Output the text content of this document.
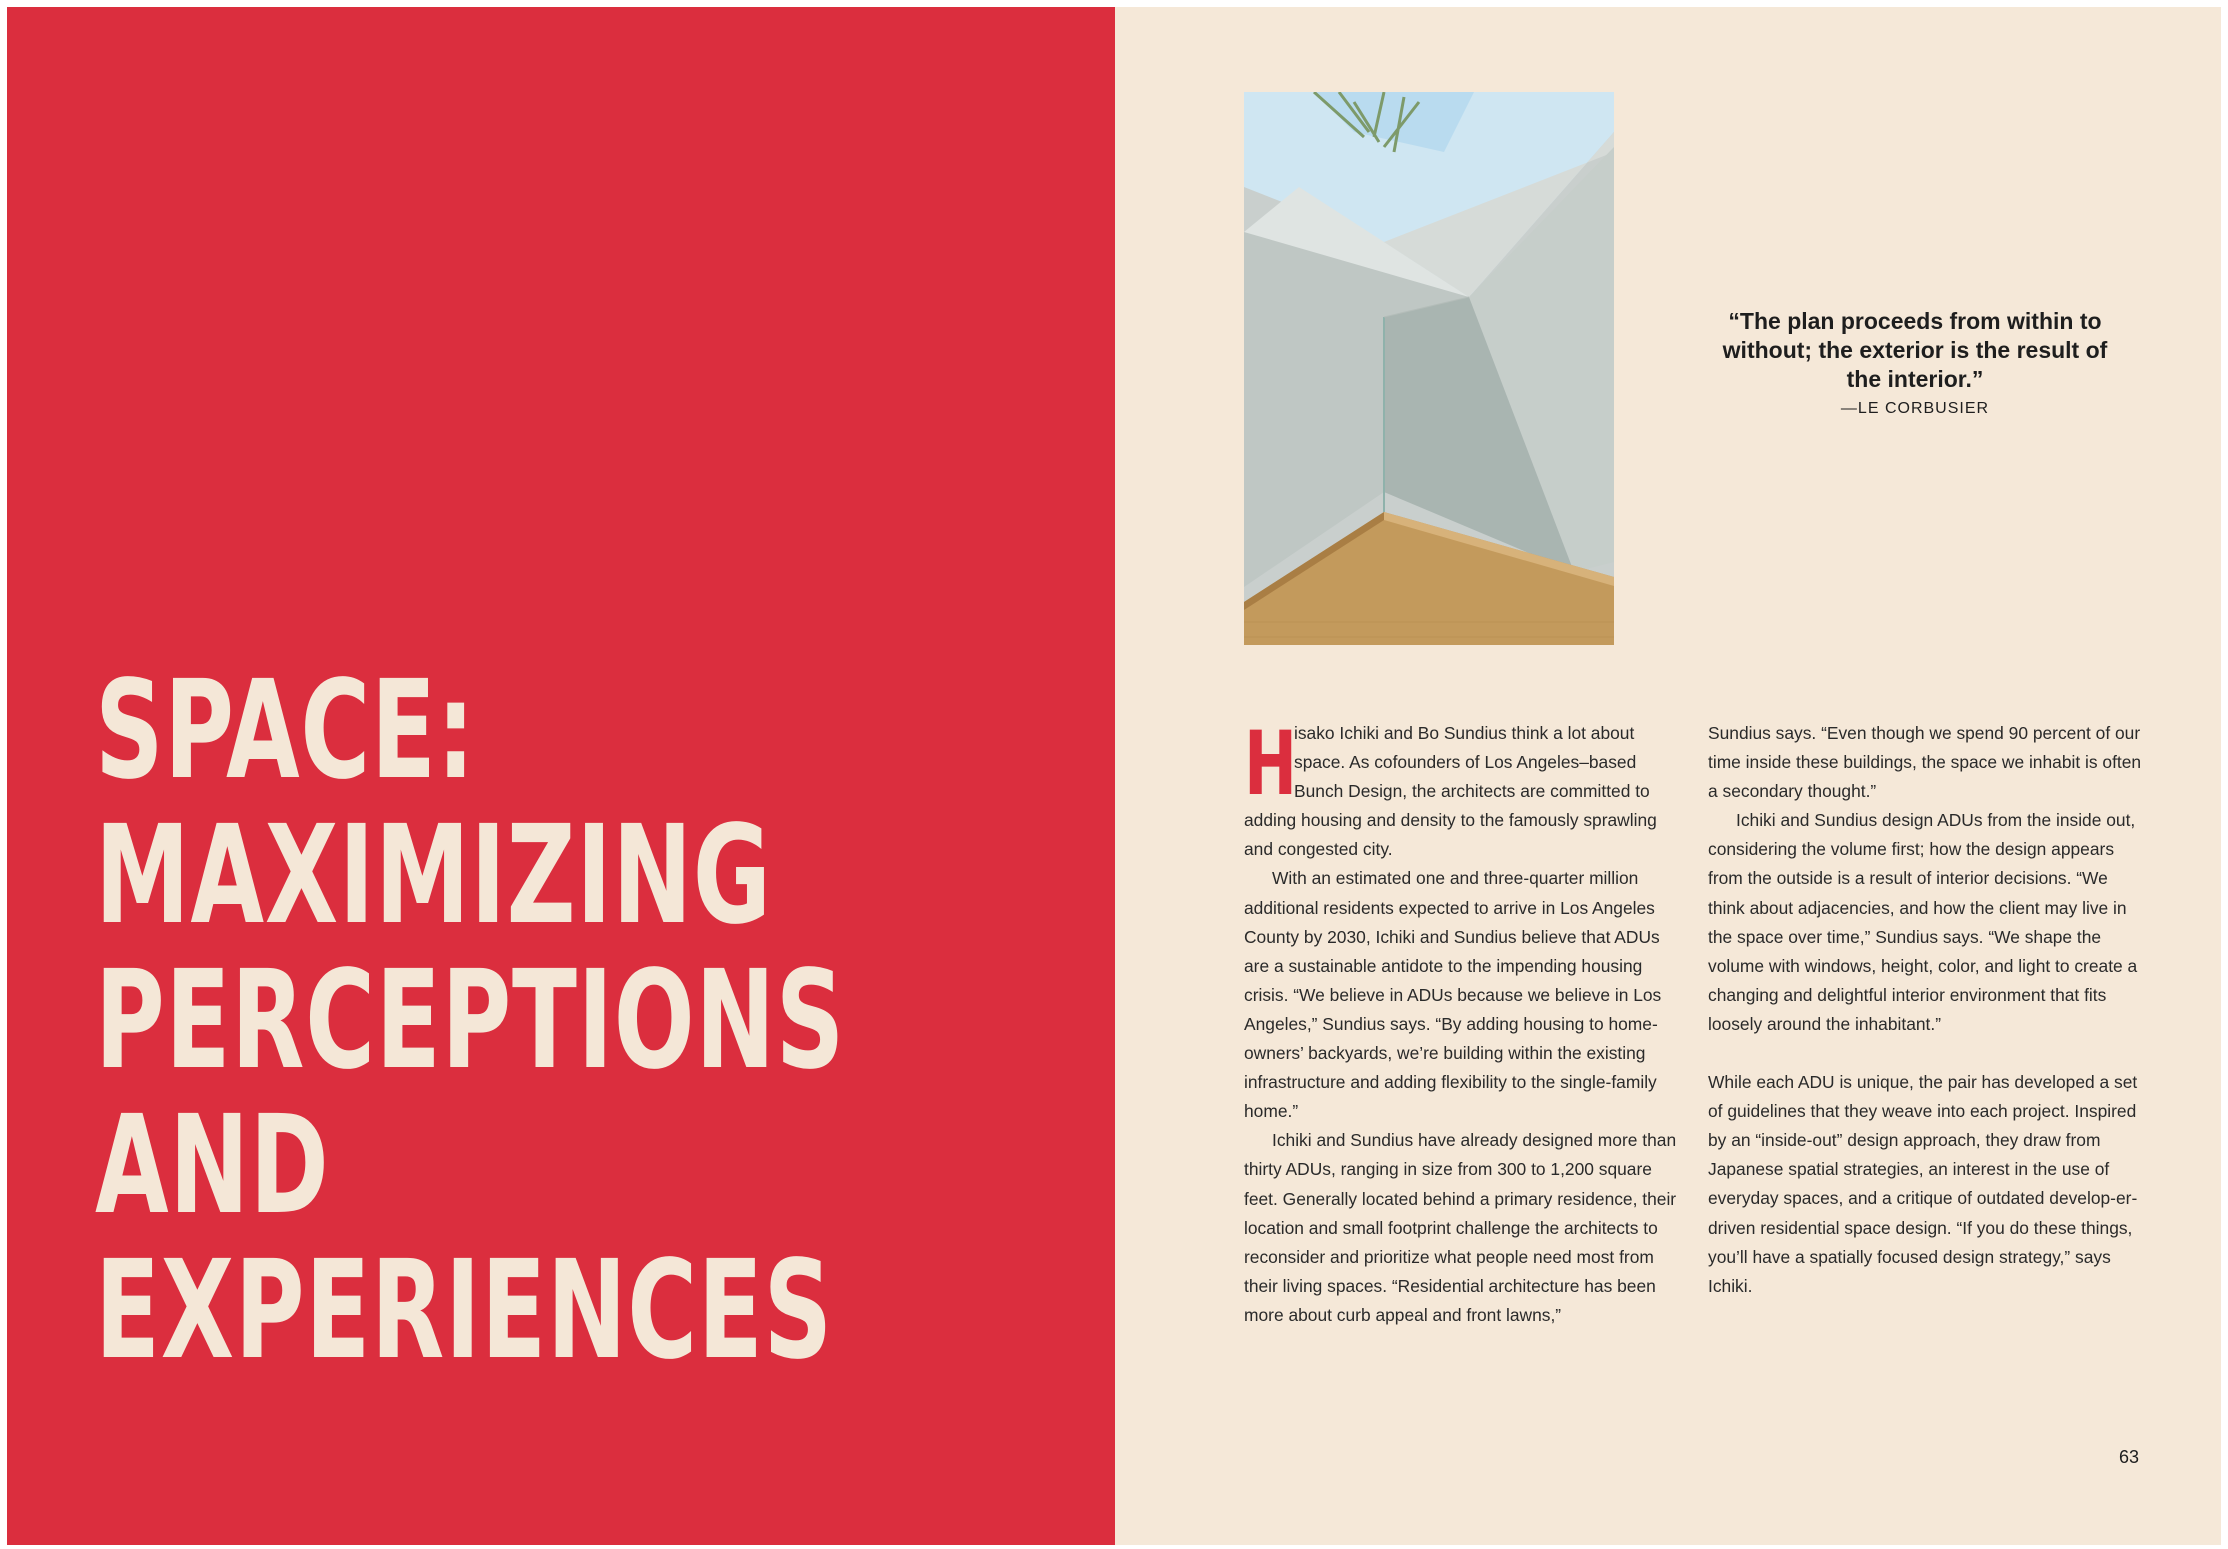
SPACE:
MAXIMIZING
PERCEPTIONS
AND
EXPERIENCES

“The plan proceeds from within to without; the exterior is the result of the interior.”

—LE CORBUSIER
H

isako Ichiki and Bo Sundius think a lot about space. As cofounders of Los Angeles–based Bunch Design, the architects are committed to adding housing and density to the famously sprawling and congested city.

With an estimated one and three-quarter million additional residents expected to arrive in Los Angeles County by 2030, Ichiki and Sundius believe that ADUs are a sustainable antidote to the impending housing crisis. “We believe in ADUs because we believe in Los Angeles,” Sundius says. “By adding housing to home-owners’ backyards, we’re building within the existing infrastructure and adding flexibility to the single-family home.”

Ichiki and Sundius have already designed more than thirty ADUs, ranging in size from 300 to 1,200 square feet. Generally located behind a primary residence, their location and small footprint challenge the architects to reconsider and prioritize what people need most from their living spaces. “Residential architecture has been more about curb appeal and front lawns,”

Sundius says. “Even though we spend 90 percent of our time inside these buildings, the space we inhabit is often a secondary thought.”

Ichiki and Sundius design ADUs from the inside out, considering the volume first; how the design appears from the outside is a result of interior decisions. “We think about adjacencies, and how the client may live in the space over time,” Sundius says. “We shape the volume with windows, height, color, and light to create a changing and delightful interior environment that fits loosely around the inhabitant.”

While each ADU is unique, the pair has developed a set of guidelines that they weave into each project. Inspired by an “inside-out” design approach, they draw from Japanese spatial strategies, an interest in the use of everyday spaces, and a critique of outdated develop-er-driven residential space design. “If you do these things, you’ll have a spatially focused design strategy,” says Ichiki.

63
